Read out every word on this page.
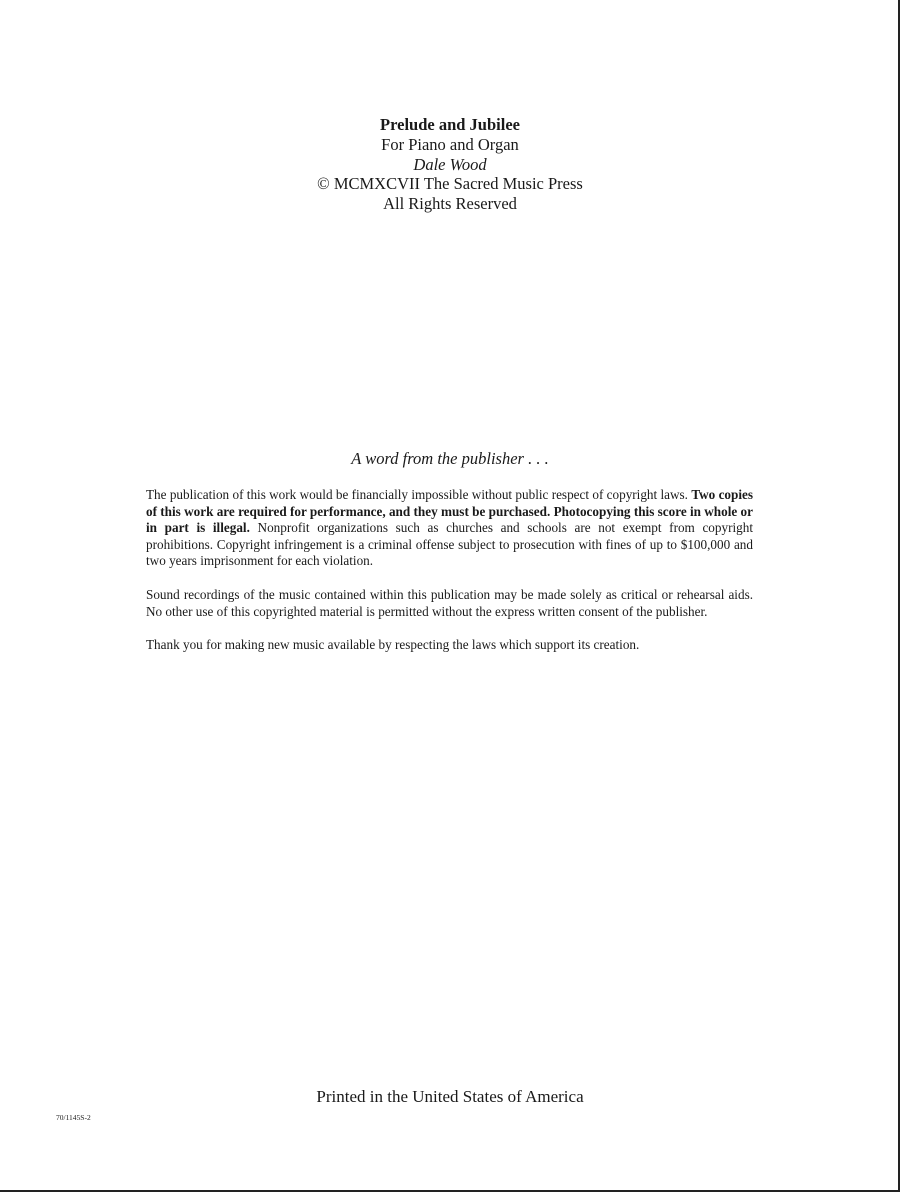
Prelude and Jubilee
For Piano and Organ
Dale Wood
© MCMXCVII The Sacred Music Press
All Rights Reserved
A word from the publisher . . .

The publication of this work would be financially impossible without public respect of copyright laws. Two copies of this work are required for performance, and they must be purchased. Photocopying this score in whole or in part is illegal. Nonprofit organizations such as churches and schools are not exempt from copyright prohibitions. Copyright infringement is a criminal offense subject to prosecution with fines of up to $100,000 and two years imprisonment for each violation.

Sound recordings of the music contained within this publication may be made solely as critical or rehearsal aids. No other use of this copyrighted material is permitted without the express written consent of the publisher.

Thank you for making new music available by respecting the laws which support its creation.

Printed in the United States of America
70/1145S-2
